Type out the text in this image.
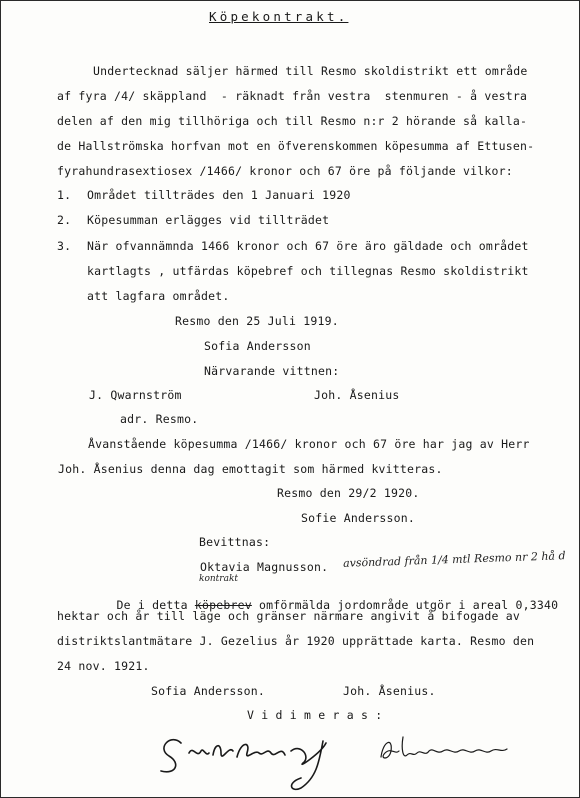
Köpekontrakt.
Undertecknad säljer härmed till Resmo skoldistrikt ett område
af fyra /4/ skäppland  - räknadt från vestra  stenmuren - å vestra
delen af den mig tillhöriga och till Resmo n:r 2 hörande så kalla-
de Hallströmska horfvan mot en öfverenskommen köpesumma af Ettusen-
fyrahundrasextiosex /1466/ kronor och 67 öre på följande vilkor:
1. Området tillträdes den 1 Januari 1920
2. Köpesumman erlägges vid tillträdet
3. När ofvannämnda 1466 kronor och 67 öre äro gäldade och området
kartlagts , utfärdas köpebref och tillegnas Resmo skoldistrikt
att lagfara området.
Resmo den 25 Juli 1919.
Sofia Andersson
Närvarande vittnen:
J. Qwarnström	Joh. Åsenius
adr. Resmo.
Åvanstående köpesumma /1466/ kronor och 67 öre har jag av Herr
Joh. Åsenius denna dag emottagit som härmed kvitteras.
Resmo den 29/2 1920.
Sofie Andersson.
Bevittnas:
Oktavia Magnusson. avsöndrad från 1/4 mtl Resmo nr 2 hå d
kontrakt

De i detta köpebrev omförmälda jordområde utgör i areal 0,3340

hektar och år till läge och gränser närmare angivit å bifogade av
distriktslantmätare J. Gezelius år 1920 upprättade karta. Resmo den
24 nov. 1921.
Sofia Andersson.	Joh. Åsenius.
V i d i m e r a s :
